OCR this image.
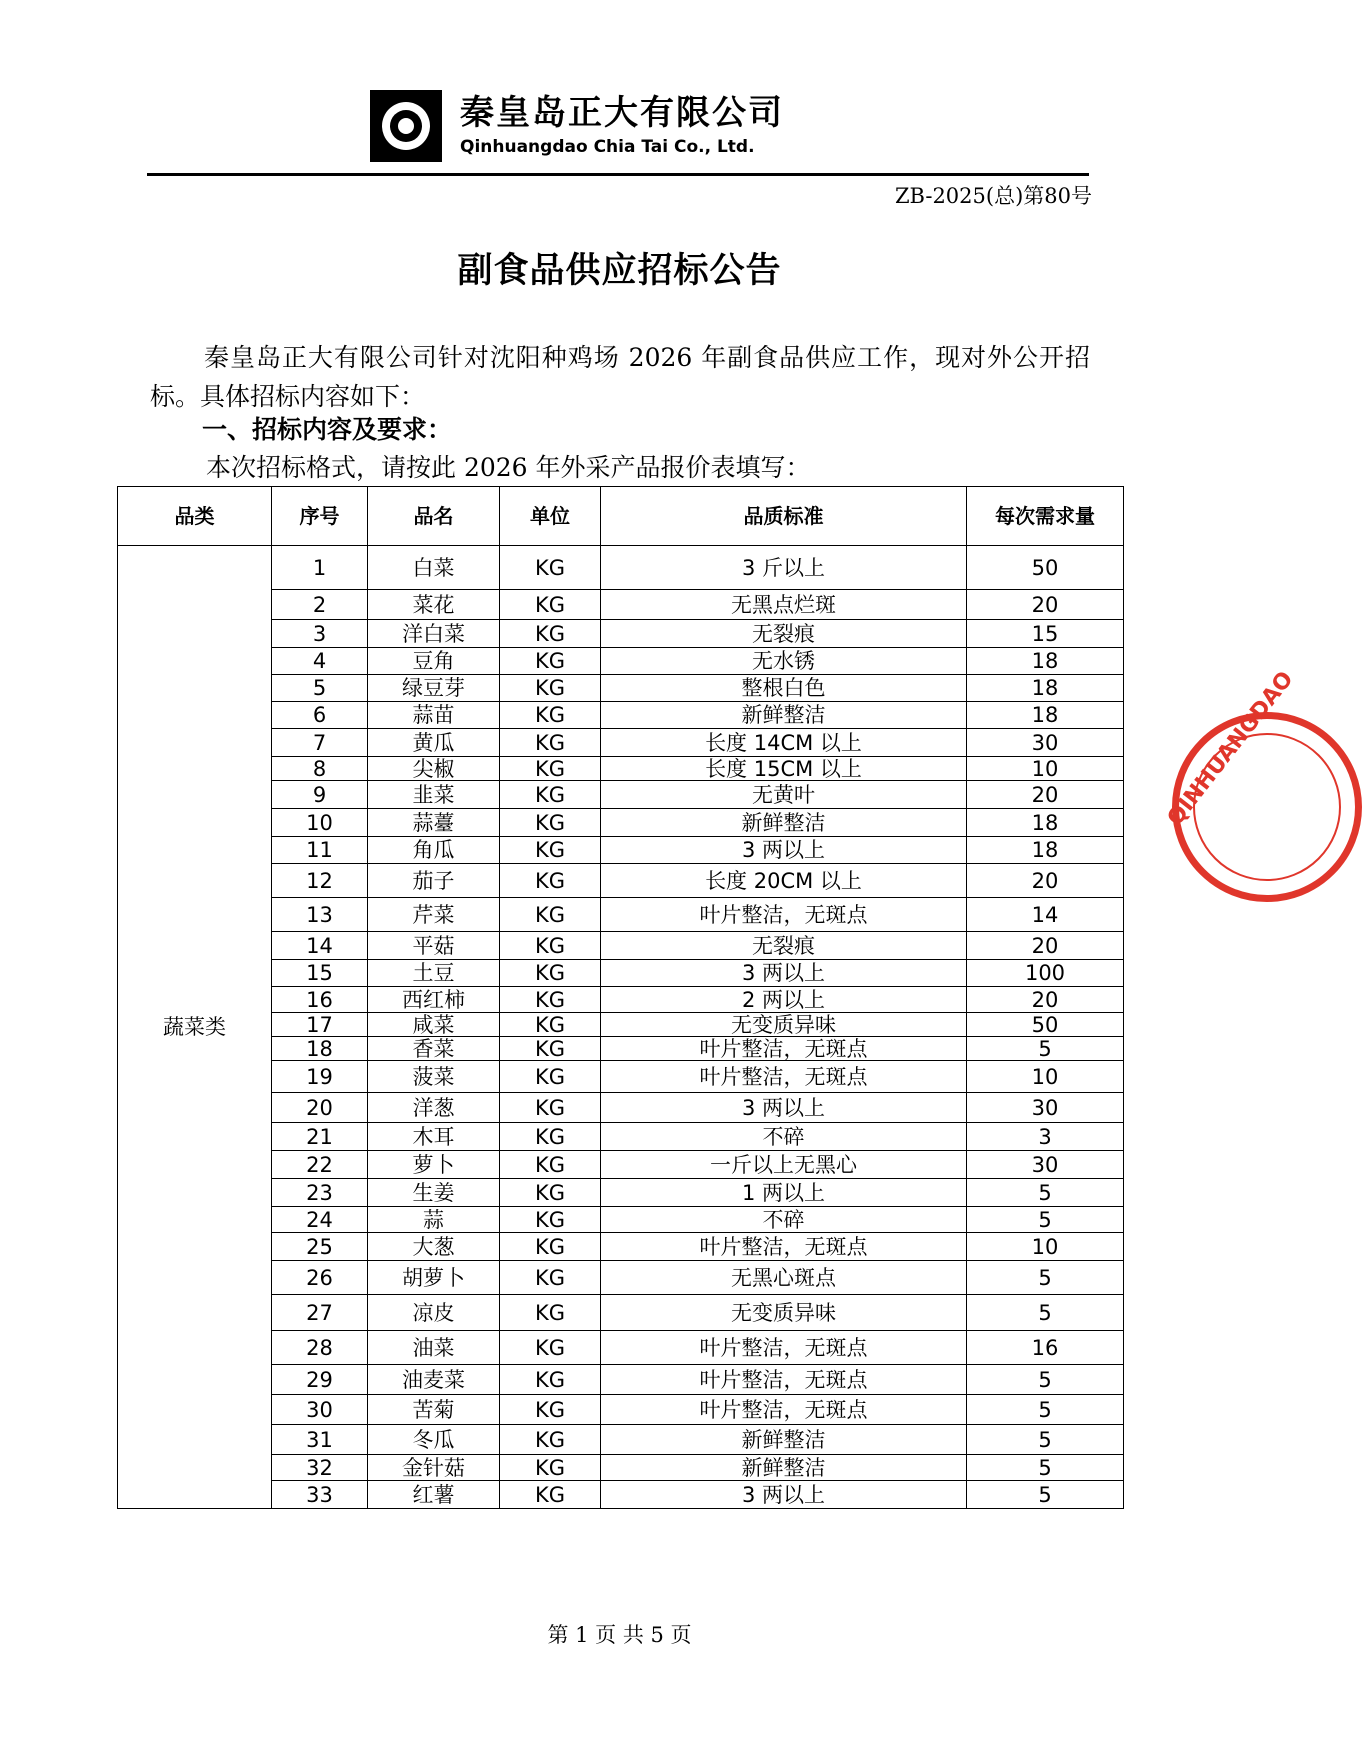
秦皇岛正大有限公司
Qinhuangdao Chia Tai Co., Ltd.
ZB-2025(总)第80号
副食品供应招标公告
秦皇岛正大有限公司针对沈阳种鸡场 2026 年副食品供应工作，现对外公开招标。具体招标内容如下：
一、招标内容及要求：
本次招标格式，请按此 2026 年外采产品报价表填写：
品类	序号	品名	单位	品质标准	每次需求量
蔬菜类	1	白菜	KG	3 斤以上	50
	2	菜花	KG	无黑点烂斑	20
	3	洋白菜	KG	无裂痕	15
	4	豆角	KG	无水锈	18
	5	绿豆芽	KG	整根白色	18
	6	蒜苗	KG	新鲜整洁	18
	7	黄瓜	KG	长度 14CM 以上	30
	8	尖椒	KG	长度 15CM 以上	10
	9	韭菜	KG	无黄叶	20
	10	蒜薹	KG	新鲜整洁	18
	11	角瓜	KG	3 两以上	18
	12	茄子	KG	长度 20CM 以上	20
	13	芹菜	KG	叶片整洁，无斑点	14
	14	平菇	KG	无裂痕	20
	15	土豆	KG	3 两以上	100
	16	西红柿	KG	2 两以上	20
	17	咸菜	KG	无变质异味	50
	18	香菜	KG	叶片整洁，无斑点	5
	19	菠菜	KG	叶片整洁，无斑点	10
	20	洋葱	KG	3 两以上	30
	21	木耳	KG	不碎	3
	22	萝卜	KG	一斤以上无黑心	30
	23	生姜	KG	1 两以上	5
	24	蒜	KG	不碎	5
	25	大葱	KG	叶片整洁，无斑点	10
	26	胡萝卜	KG	无黑心斑点	5
	27	凉皮	KG	无变质异味	5
	28	油菜	KG	叶片整洁，无斑点	16
	29	油麦菜	KG	叶片整洁，无斑点	5
	30	苦菊	KG	叶片整洁，无斑点	5
	31	冬瓜	KG	新鲜整洁	5
	32	金针菇	KG	新鲜整洁	5
	33	红薯	KG	3 两以上	5
QINHUANGDAO
第 1 页 共 5 页
